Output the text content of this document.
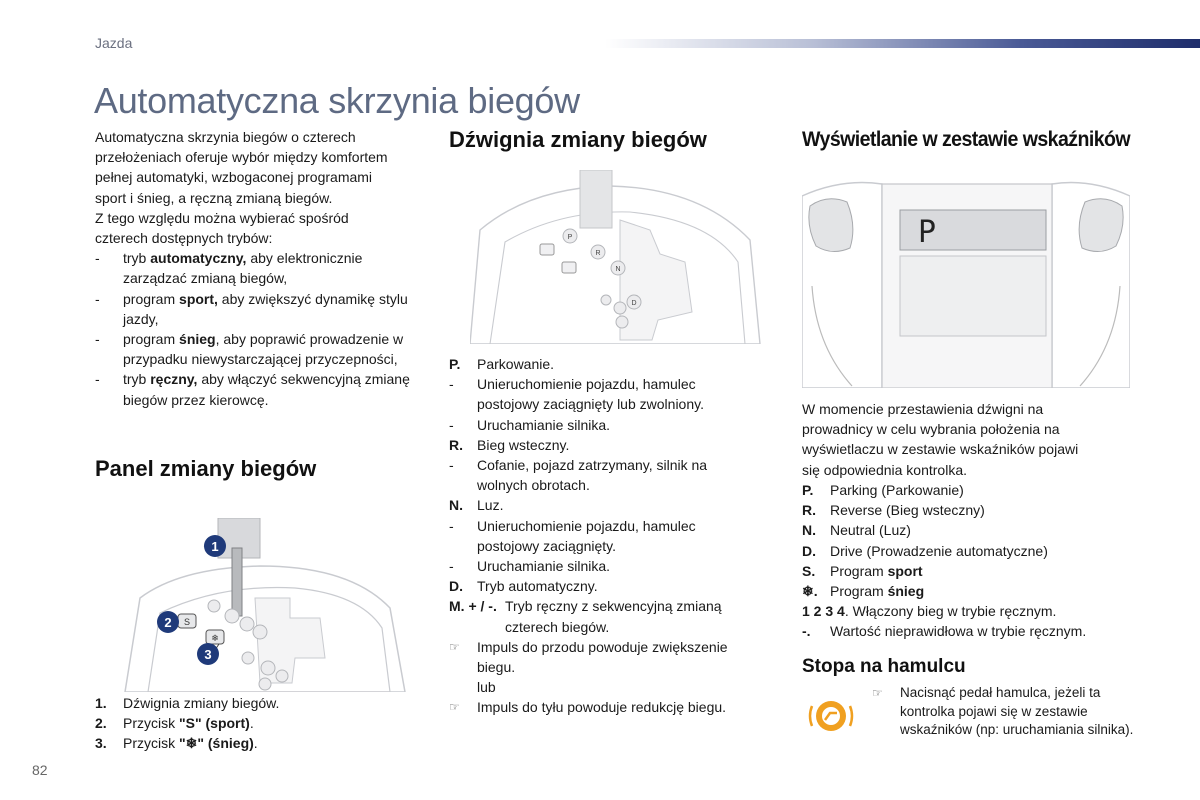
Jazda
Automatyczna skrzynia biegów

Automatyczna skrzynia biegów o czterech

przełożeniach oferuje wybór między komfortem

pełnej automatyki, wzbogaconej programami

sport i śnieg, a ręczną zmianą biegów.

Z tego względu można wybierać spośród

czterech dostępnych trybów:

-	tryb automatyczny, aby elektronicznie zarządzać zmianą biegów,
-	program sport, aby zwiększyć dynamikę stylu jazdy,
-	program śnieg, aby poprawić prowadzenie w przypadku niewystarczającej przyczepności,
-	tryb ręczny, aby włączyć sekwencyjną zmianę biegów przez kierowcę.
Panel zmiany biegów
S
❄
1
2
3
1.	Dźwignia zmiany biegów.
2.	Przycisk "S" (sport).
3.	Przycisk "❄" (śnieg).
Dźwignia zmiany biegów
P
R
N
D
P.	Parkowanie.
-	Unieruchomienie pojazdu, hamulec postojowy zaciągnięty lub zwolniony.
-	Uruchamianie silnika.
R.	Bieg wsteczny.
-	Cofanie, pojazd zatrzymany, silnik na wolnych obrotach.
N.	Luz.
-	Unieruchomienie pojazdu, hamulec postojowy zaciągnięty.
-	Uruchamianie silnika.
D.	Tryb automatyczny.
M. + / -. Tryb ręczny z sekwencyjną zmianą czterech biegów.
☞	Impuls do przodu powoduje zwiększenie biegu.
lub
☞	Impuls do tyłu powoduje redukcję biegu.
Wyświetlanie w zestawie wskaźników
P

W momencie przestawienia dźwigni na

prowadnicy w celu wybrania położenia na

wyświetlaczu w zestawie wskaźników pojawi

się odpowiednia kontrolka.

P.	Parking (Parkowanie)
R.	Reverse (Bieg wsteczny)
N.	Neutral (Luz)
D.	Drive (Prowadzenie automatyczne)
S.	Program sport
❄. Program śnieg
1 2 3 4. Włączony bieg w trybie ręcznym.
-.	Wartość nieprawidłowa w trybie ręcznym.
Stopa na hamulcu
☞	Nacisnąć pedał hamulca, jeżeli ta kontrolka pojawi się w zestawie wskaźników (np: uruchamiania silnika).
82
